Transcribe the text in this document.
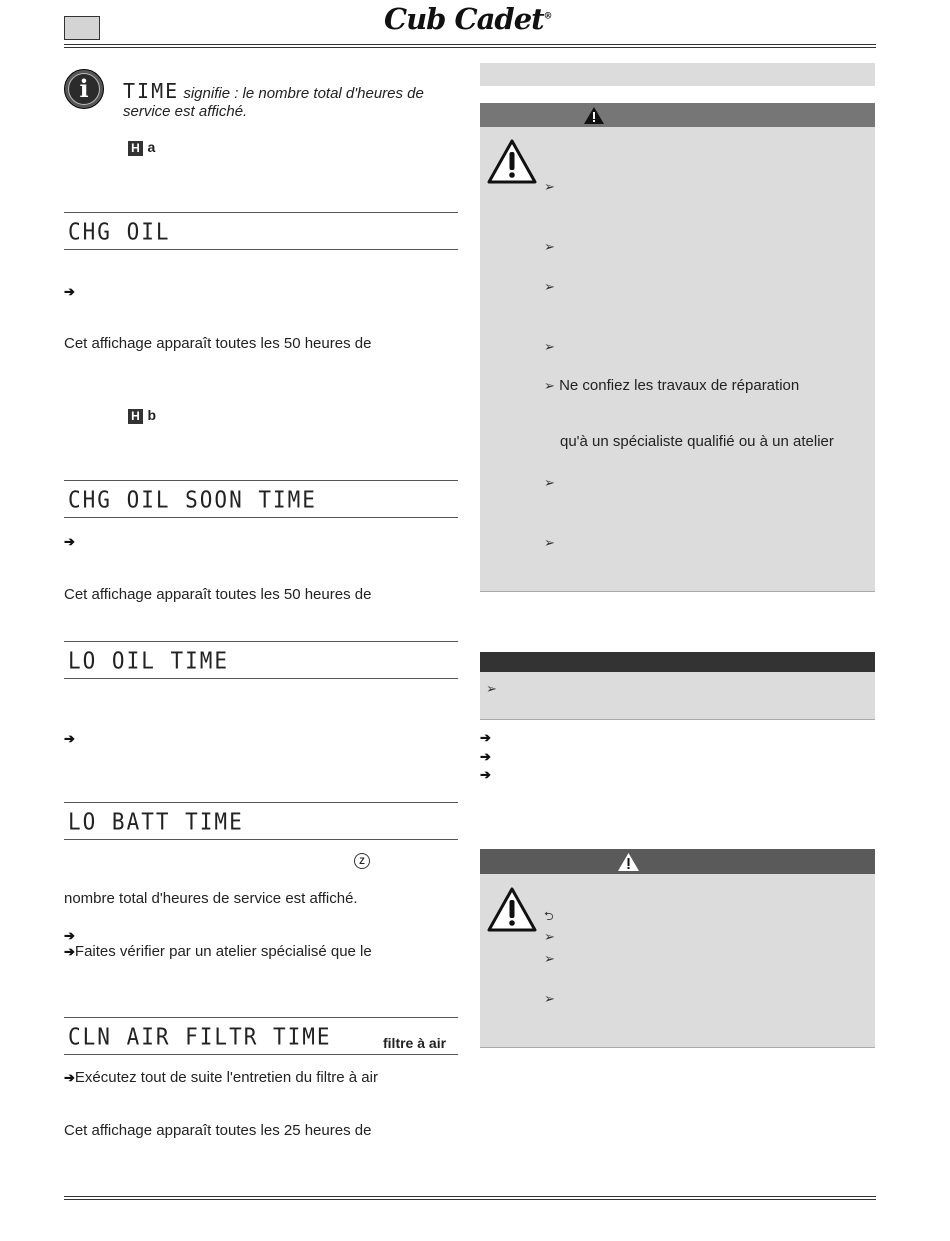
Cub Cadet®
i	TIME signifie : le nombre total d'heures de service est affiché.
H a
CHG OIL
➔
Cet affichage apparaît toutes les 50 heures de
H b
CHG OIL SOON TIME
➔
Cet affichage apparaît toutes les 50 heures de
LO OIL TIME
➔
LO BATT TIME
Z
nombre total d'heures de service est affiché.
➔
➔Faites vérifier par un atelier spécialisé que le
CLN AIR FILTR TIME	filtre à air
➔Exécutez tout de suite l'entretien du filtre à air
Cet affichage apparaît toutes les 25 heures de
➢
➢
➢
➢
➢ Ne confiez les travaux de réparation
qu'à un spécialiste qualifié ou à un atelier
➢
➢
➢
➔
➔
➔
⮌
➢
➢
➢
